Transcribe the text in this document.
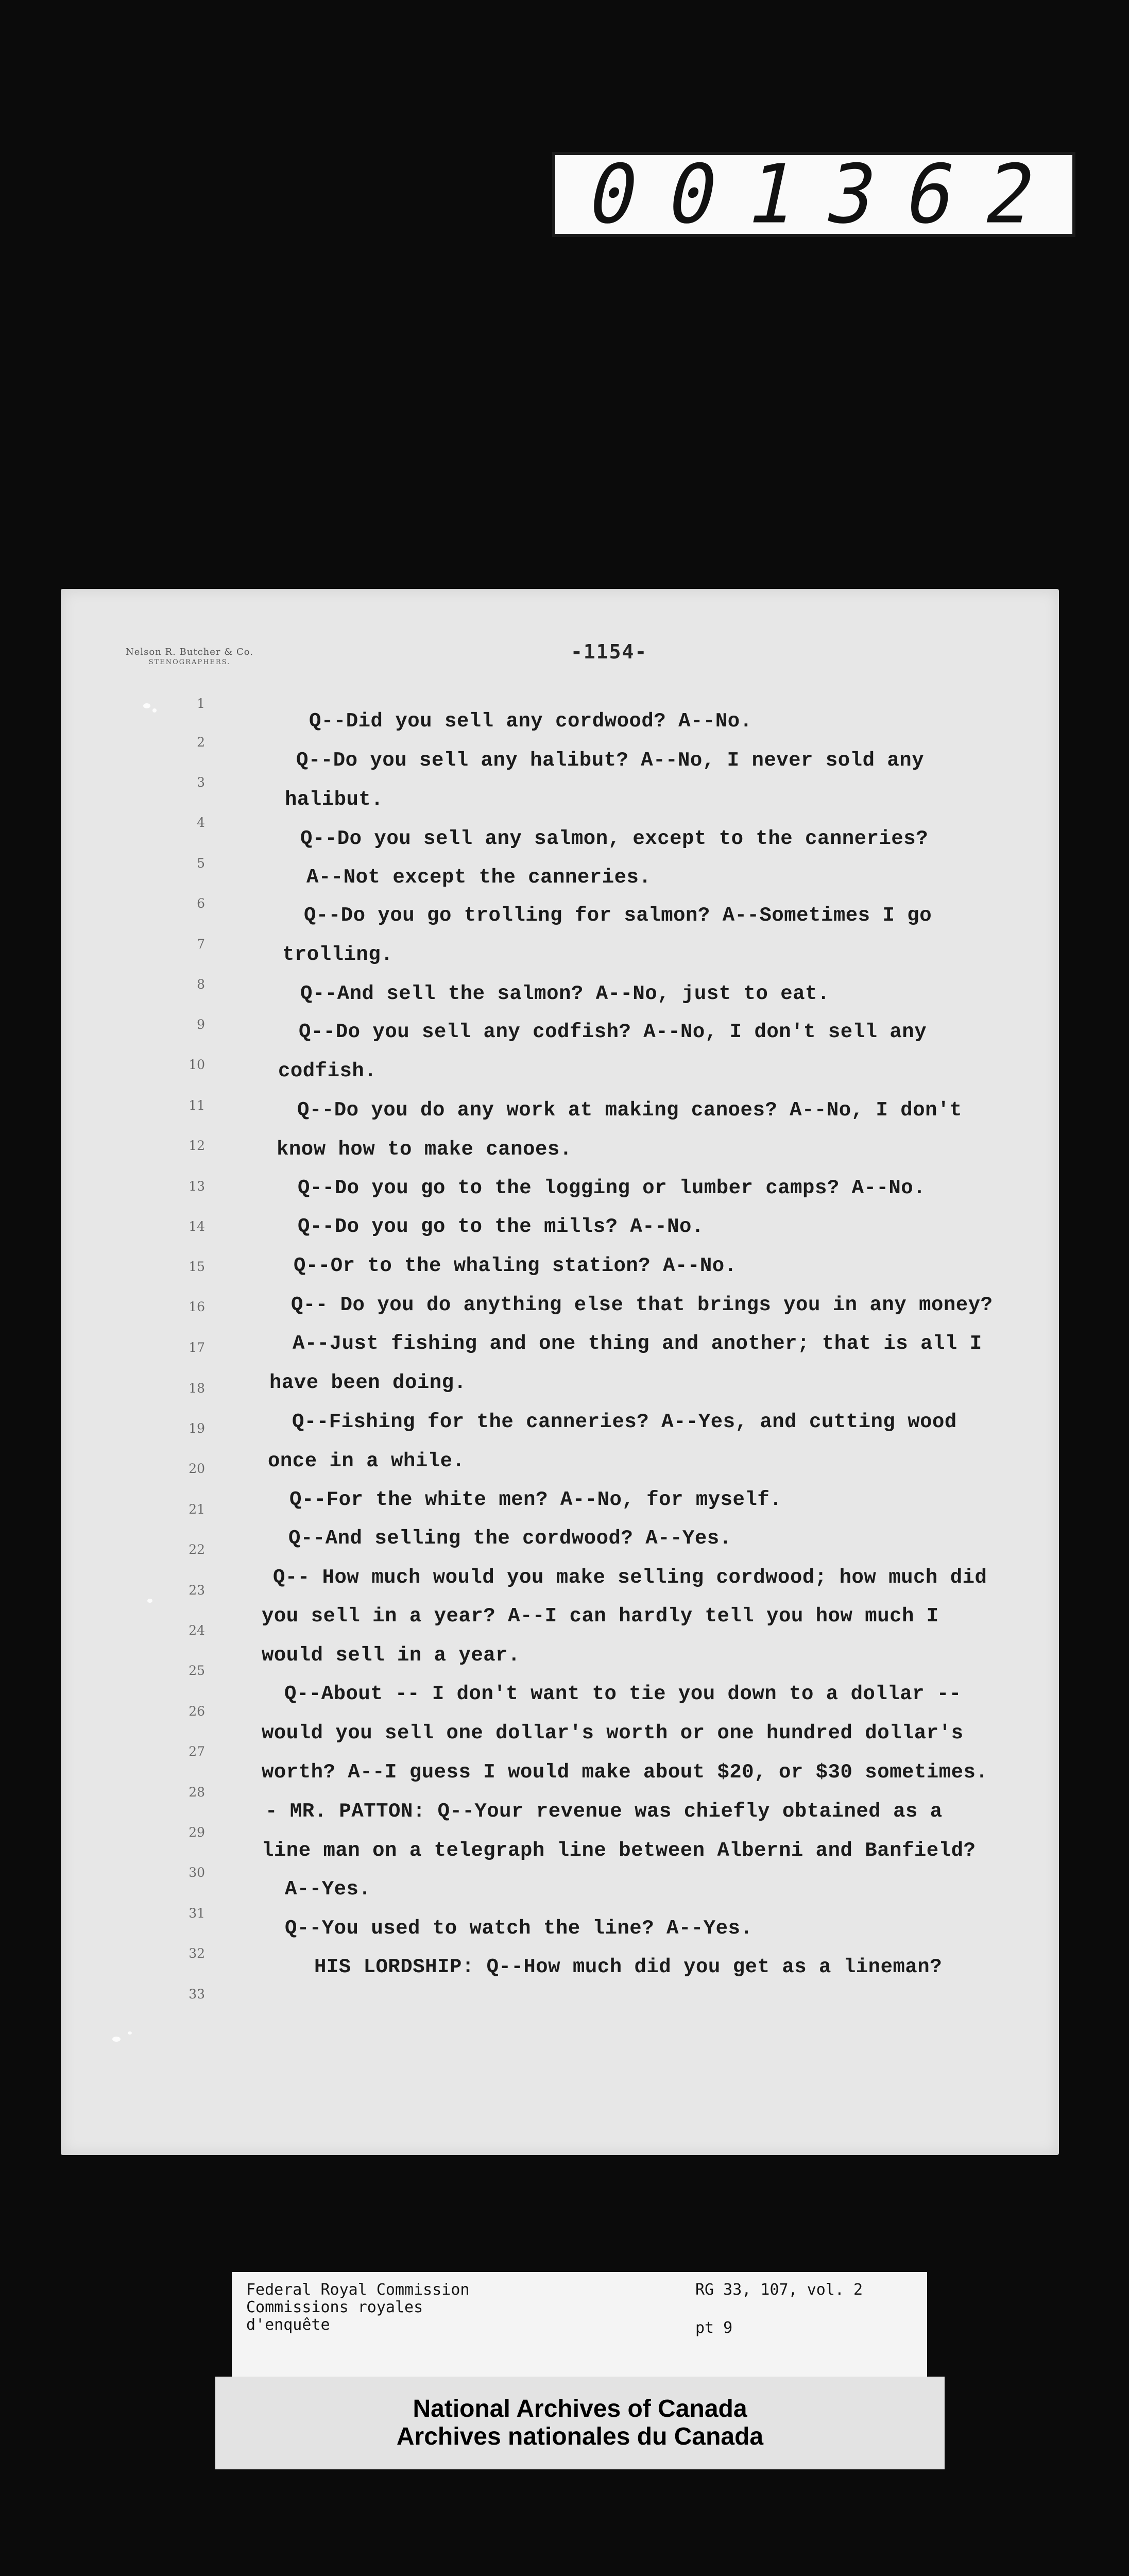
0 0 1 3 6 2
Nelson R. Butcher & Co.
STENOGRAPHERS.	-1154-
1
2
3
4
5
6
7
8
9
10
11
12
13
14
15
16
17
18
19
20
21
22
23
24
25
26
27
28
29
30
31
32
33
Q--Did you sell any cordwood? A--No.
Q--Do you sell any halibut? A--No, I never sold any
halibut.
Q--Do you sell any salmon, except to the canneries?
A--Not except the canneries.
Q--Do you go trolling for salmon? A--Sometimes I go
trolling.
Q--And sell the salmon? A--No, just to eat.
Q--Do you sell any codfish? A--No, I don't sell any
codfish.
Q--Do you do any work at making canoes? A--No, I don't
know how to make canoes.
Q--Do you go to the logging or lumber camps? A--No.
Q--Do you go to the mills? A--No.
Q--Or to the whaling station? A--No.
Q-- Do you do anything else that brings you in any money?
A--Just fishing and one thing and another; that is all I
have been doing.
Q--Fishing for the canneries? A--Yes, and cutting wood
once in a while.
Q--For the white men? A--No, for myself.
Q--And selling the cordwood? A--Yes.
Q-- How much would you make selling cordwood; how much did
you sell in a year? A--I can hardly tell you how much I
would sell in a year.
Q--About -- I don't want to tie you down to a dollar --
would you sell one dollar's worth or one hundred dollar's
worth? A--I guess I would make about $20, or $30 sometimes.
- MR. PATTON: Q--Your revenue was chiefly obtained as a
line man on a telegraph line between Alberni and Banfield?
A--Yes.
Q--You used to watch the line? A--Yes.
HIS LORDSHIP: Q--How much did you get as a lineman?
Federal Royal Commission
Commissions royales
d'enquête
RG 33, 107, vol. 2
pt 9
National Archives of Canada
Archives nationales du Canada
